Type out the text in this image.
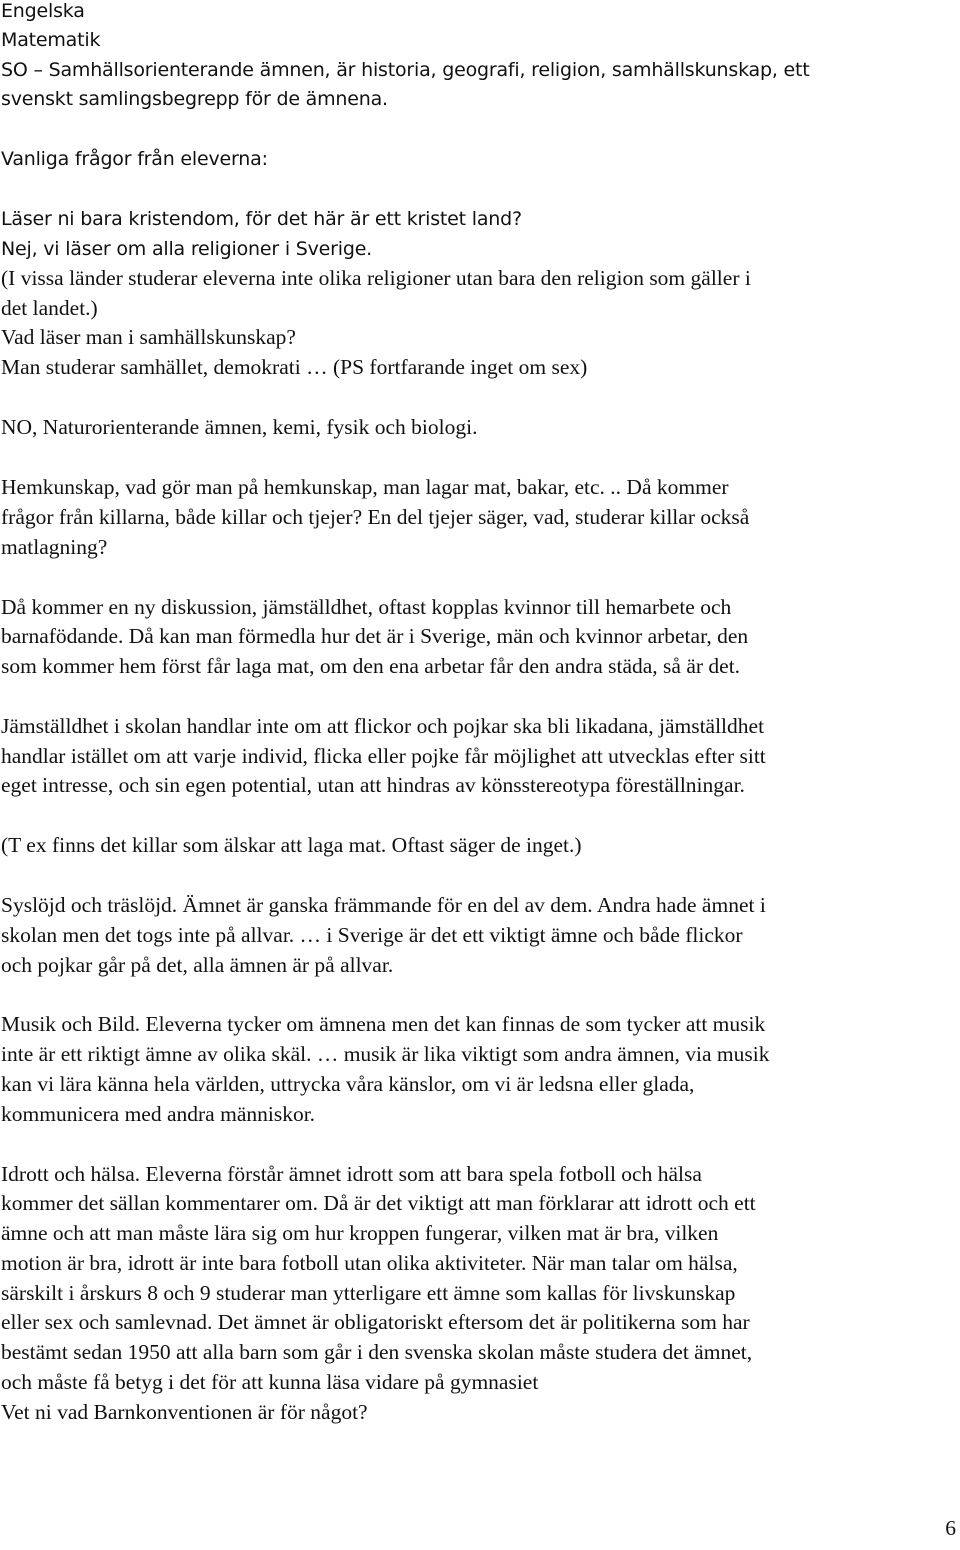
Engelska
Matematik
SO – Samhällsorienterande ämnen, är historia, geografi, religion, samhällskunskap, ett
svenskt samlingsbegrepp för de ämnena.
Vanliga frågor från eleverna:
Läser ni bara kristendom, för det här är ett kristet land?
Nej, vi läser om alla religioner i Sverige.
(I vissa länder studerar eleverna inte olika religioner utan bara den religion som gäller i
det landet.)
Vad läser man i samhällskunskap?
Man studerar samhället, demokrati … (PS fortfarande inget om sex)
NO, Naturorienterande ämnen, kemi, fysik och biologi.
Hemkunskap, vad gör man på hemkunskap, man lagar mat, bakar, etc. .. Då kommer
frågor från killarna, både killar och tjejer? En del tjejer säger, vad, studerar killar också
matlagning?
Då kommer en ny diskussion, jämställdhet, oftast kopplas kvinnor till hemarbete och
barnafödande. Då kan man förmedla hur det är i Sverige, män och kvinnor arbetar, den
som kommer hem först får laga mat, om den ena arbetar får den andra städa, så är det.
Jämställdhet i skolan handlar inte om att flickor och pojkar ska bli likadana, jämställdhet
handlar istället om att varje individ, flicka eller pojke får möjlighet att utvecklas efter sitt
eget intresse, och sin egen potential, utan att hindras av könsstereotypa föreställningar.
(T ex finns det killar som älskar att laga mat. Oftast säger de inget.)
Syslöjd och träslöjd. Ämnet är ganska främmande för en del av dem. Andra hade ämnet i
skolan men det togs inte på allvar. … i Sverige är det ett viktigt ämne och både flickor
och pojkar går på det, alla ämnen är på allvar.
Musik och Bild. Eleverna tycker om ämnena men det kan finnas de som tycker att musik
inte är ett riktigt ämne av olika skäl. … musik är lika viktigt som andra ämnen, via musik
kan vi lära känna hela världen, uttrycka våra känslor, om vi är ledsna eller glada,
kommunicera med andra människor.
Idrott och hälsa. Eleverna förstår ämnet idrott som att bara spela fotboll och hälsa
kommer det sällan kommentarer om. Då är det viktigt att man förklarar att idrott och ett
ämne och att man måste lära sig om hur kroppen fungerar, vilken mat är bra, vilken
motion är bra, idrott är inte bara fotboll utan olika aktiviteter. När man talar om hälsa,
särskilt i årskurs 8 och 9 studerar man ytterligare ett ämne som kallas för livskunskap
eller sex och samlevnad. Det ämnet är obligatoriskt eftersom det är politikerna som har
bestämt sedan 1950 att alla barn som går i den svenska skolan måste studera det ämnet,
och måste få betyg i det för att kunna läsa vidare på gymnasiet
Vet ni vad Barnkonventionen är för något?
6
